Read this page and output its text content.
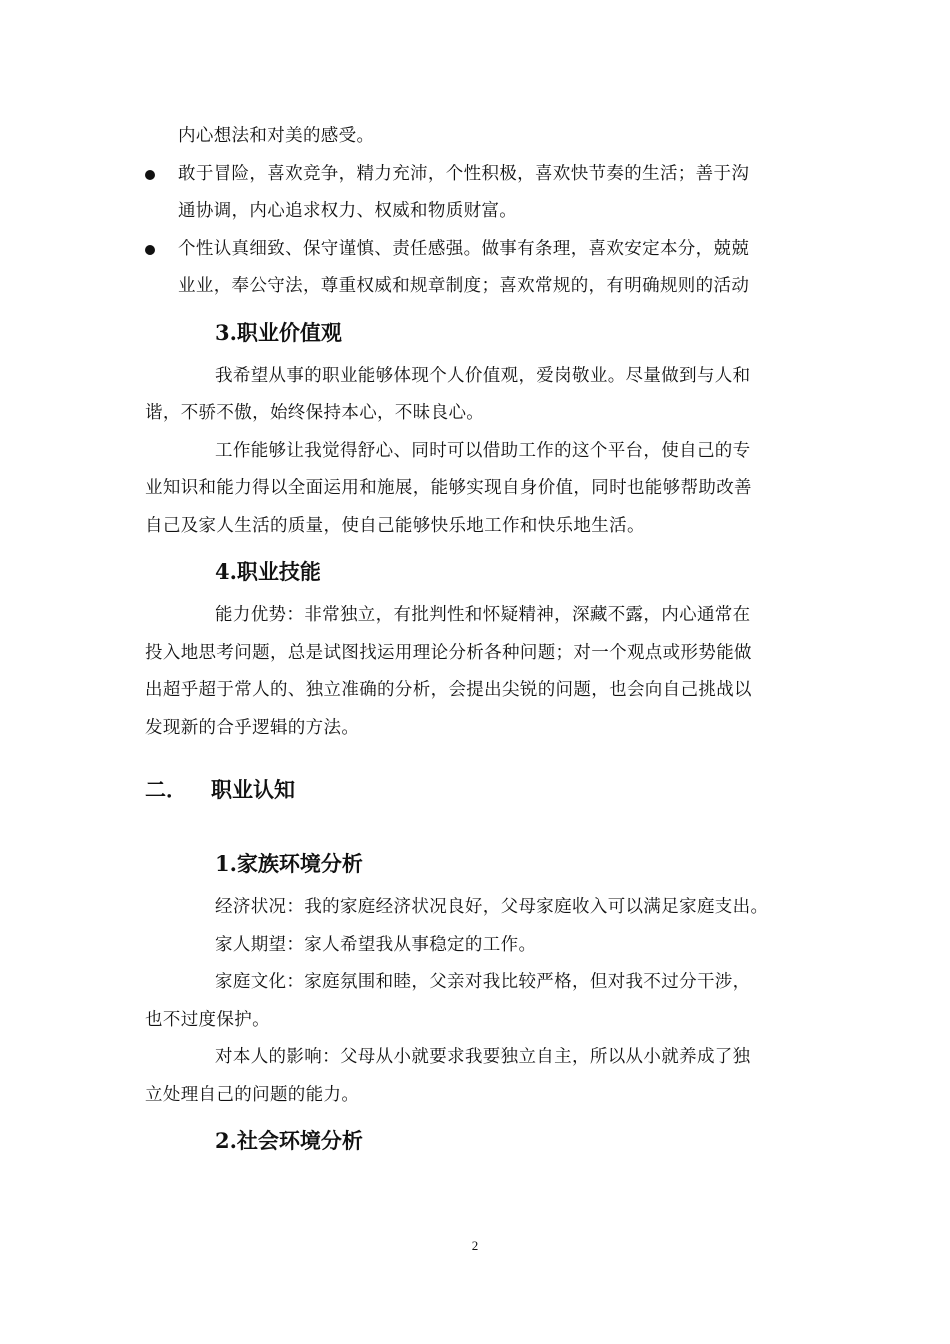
内心想法和对美的感受。
敢于冒险，喜欢竞争，精力充沛，个性积极，喜欢快节奏的生活；善于沟
通协调，内心追求权力、权威和物质财富。
个性认真细致、保守谨慎、责任感强。做事有条理，喜欢安定本分，兢兢
业业，奉公守法，尊重权威和规章制度；喜欢常规的，有明确规则的活动
3.职业价值观
我希望从事的职业能够体现个人价值观，爱岗敬业。尽量做到与人和
谐，不骄不傲，始终保持本心，不昧良心。
工作能够让我觉得舒心、同时可以借助工作的这个平台，使自己的专
业知识和能力得以全面运用和施展，能够实现自身价值，同时也能够帮助改善
自己及家人生活的质量，使自己能够快乐地工作和快乐地生活。
4.职业技能
能力优势：非常独立，有批判性和怀疑精神，深藏不露，内心通常在
投入地思考问题，总是试图找运用理论分析各种问题；对一个观点或形势能做
出超乎超于常人的、独立准确的分析，会提出尖锐的问题，也会向自己挑战以
发现新的合乎逻辑的方法。
二．	职业认知
1.家族环境分析
经济状况：我的家庭经济状况良好，父母家庭收入可以满足家庭支出。
家人期望：家人希望我从事稳定的工作。
家庭文化：家庭氛围和睦，父亲对我比较严格，但对我不过分干涉，
也不过度保护。
对本人的影响：父母从小就要求我要独立自主，所以从小就养成了独
立处理自己的问题的能力。
2.社会环境分析
2
